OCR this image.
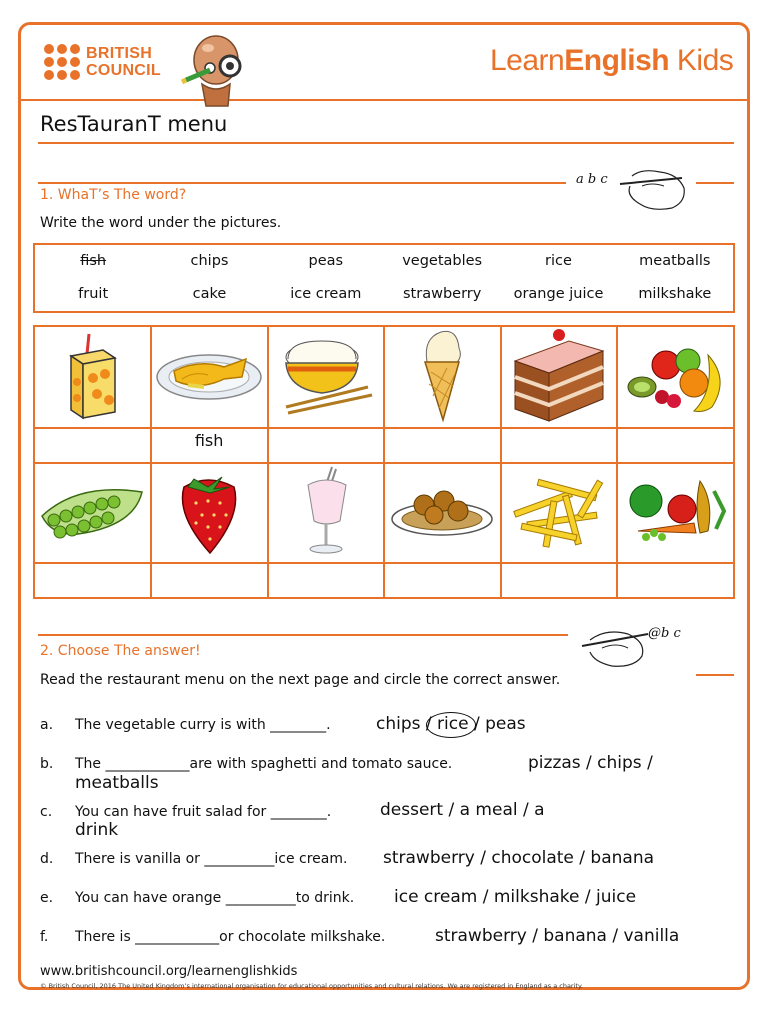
BRITISH
COUNCIL	LearnEnglish Kids
ResTauranT menu
a b c
1. WhaT’s The word?
Write the word under the pictures.
fish	chips	peas	vegetables	rice	meatballs
fruit	cake	ice cream	strawberry	orange juice	milkshake

	fish				

@b c
2. Choose The answer!
Read the restaurant menu on the next page and circle the correct answer.
a.	The vegetable curry is with ________.	chips / rice / peas
b.	The ____________are with spaghetti and tomato sauce.	pizzas / chips /
meatballs
c.	You can have fruit salad for ________.	dessert / a meal / a
drink
d.	There is vanilla or __________ice cream. strawberry / chocolate / banana
e.	You can have orange __________to drink. ice cream / milkshake / juice
f.	There is ____________or chocolate milkshake.	strawberry / banana / vanilla
www.britishcouncil.org/learnenglishkids
© British Council, 2016 The United Kingdom’s international organisation for educational opportunities and cultural relations. We are registered in England as a charity.
